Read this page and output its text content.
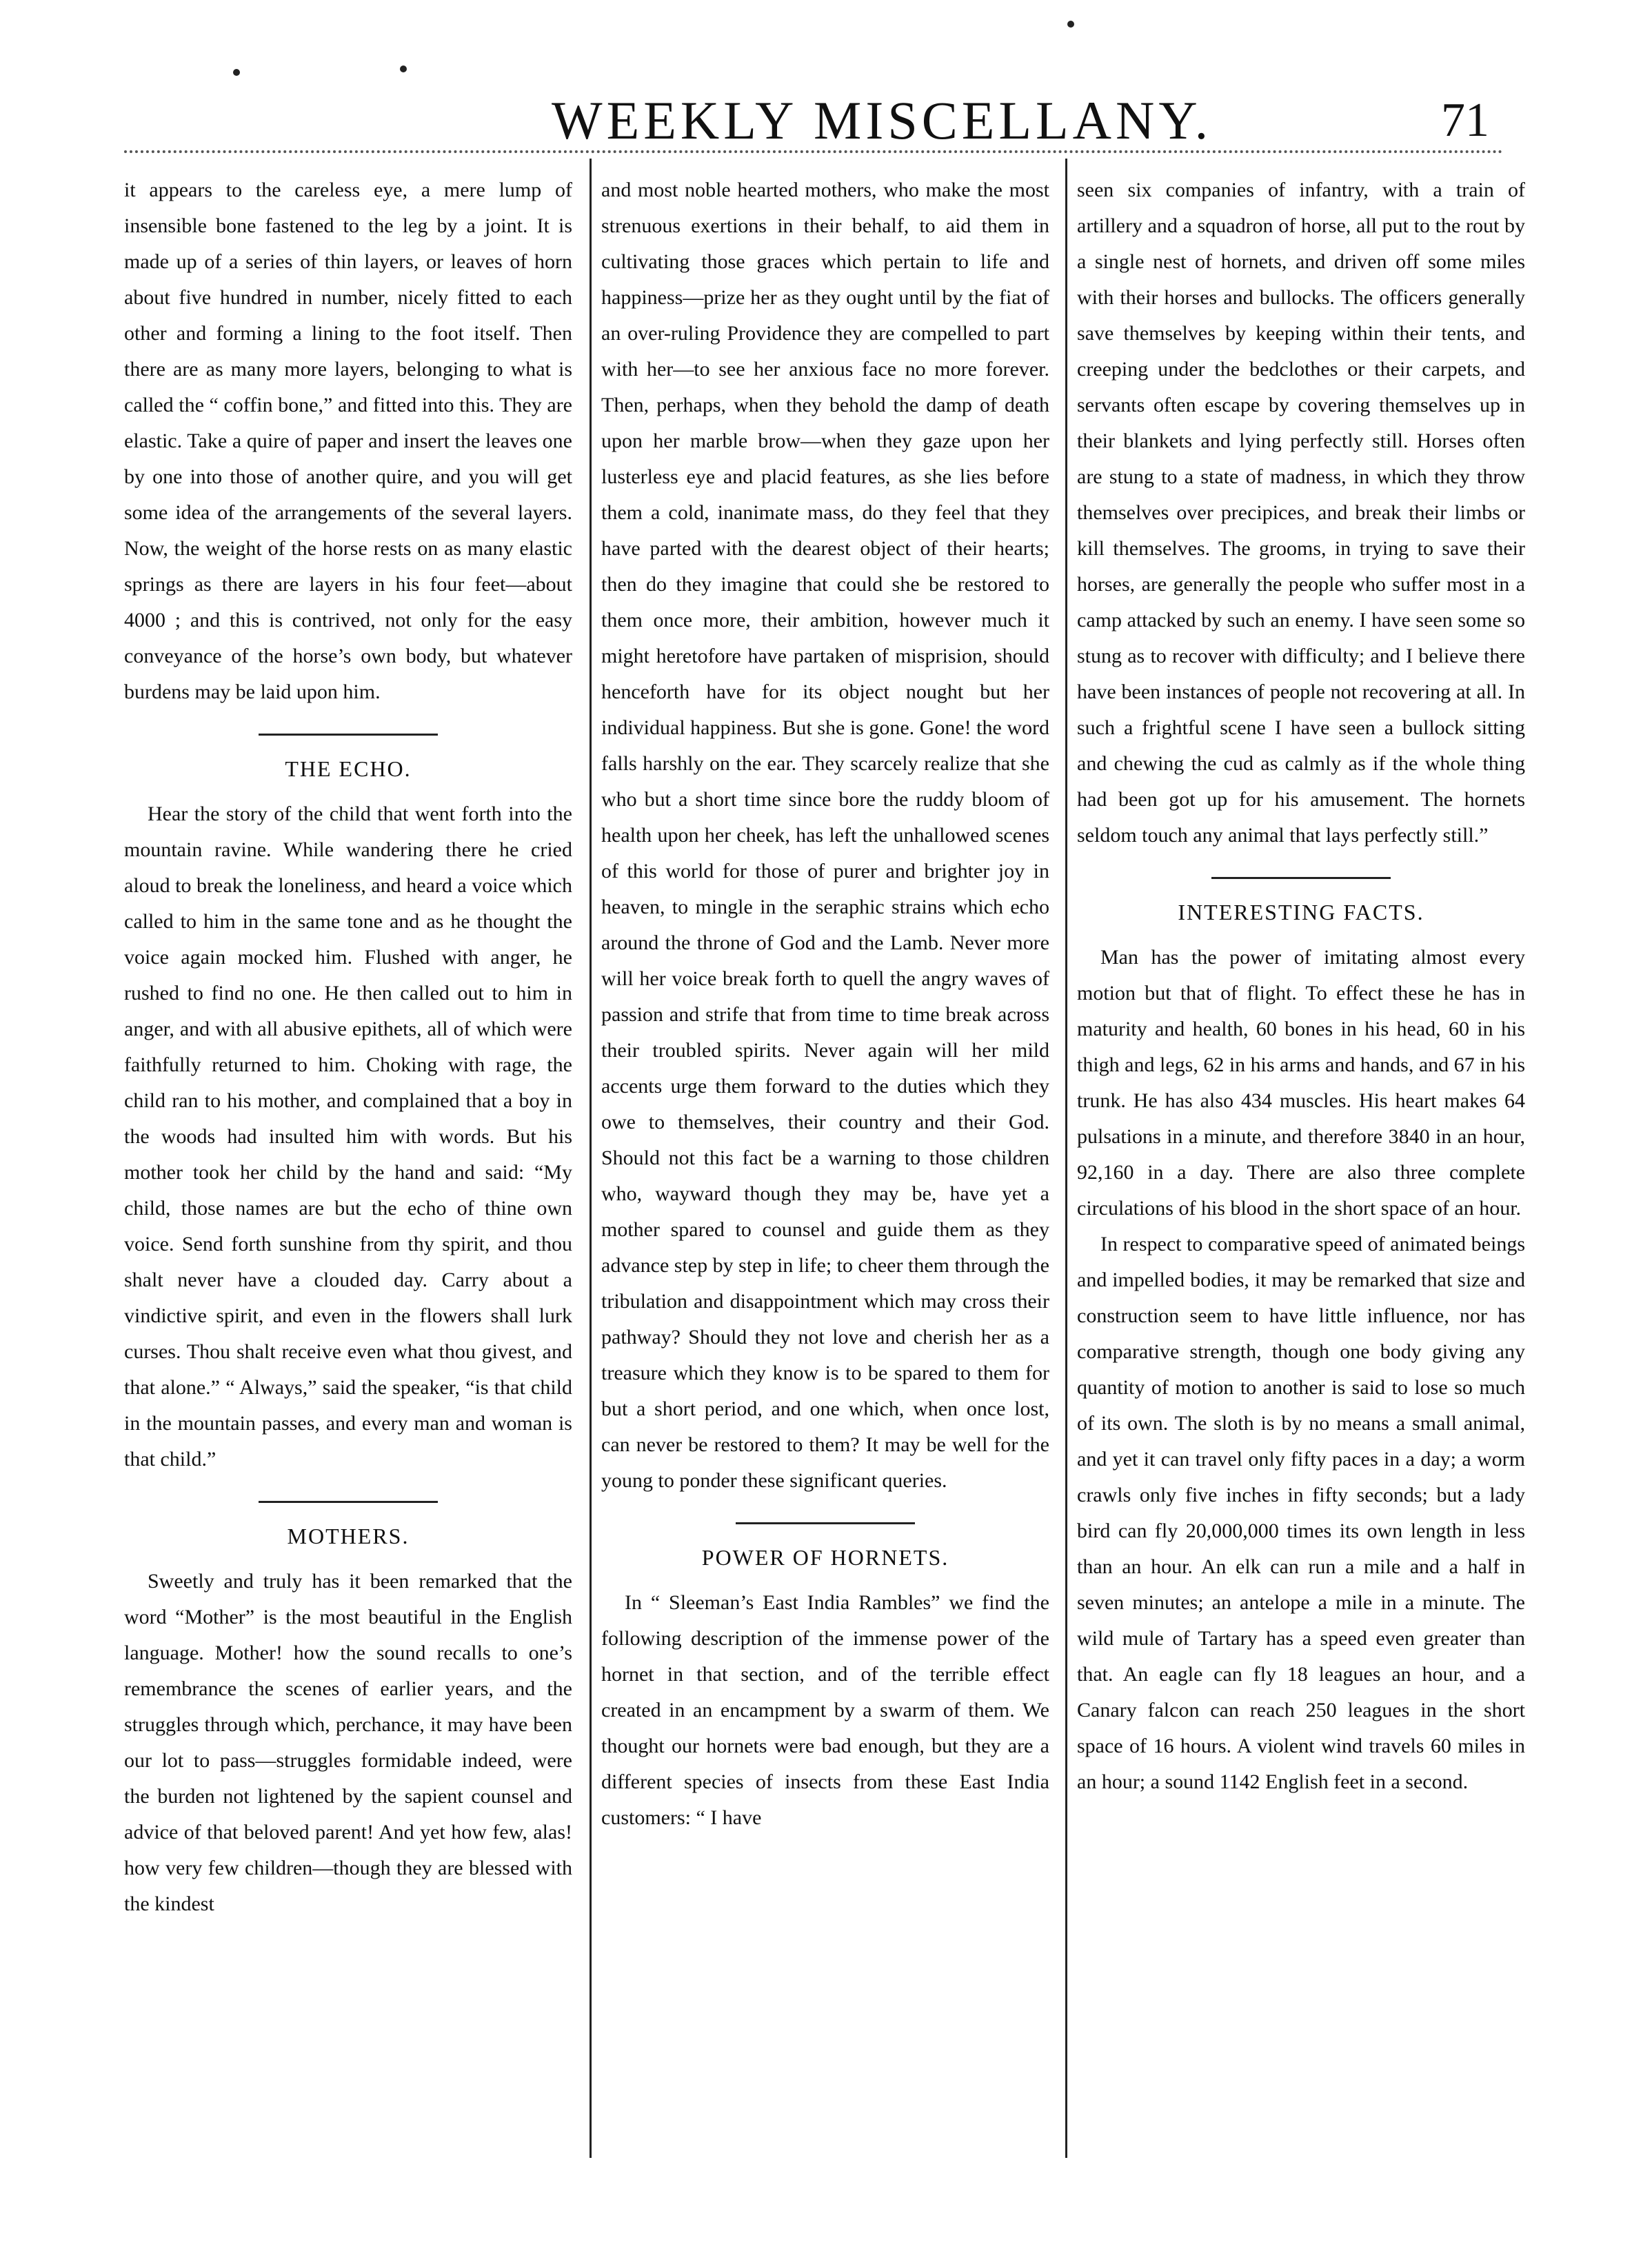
WEEKLY MISCELLANY.	71

it appears to the careless eye, a mere lump of insensible bone fastened to the leg by a joint. It is made up of a series of thin layers, or leaves of horn about five hundred in number, nicely fitted to each other and forming a lining to the foot itself. Then there are as many more layers, belonging to what is called the “ coffin bone,” and fitted into this. They are elastic. Take a quire of paper and insert the leaves one by one into those of another quire, and you will get some idea of the arrangements of the several layers. Now, the weight of the horse rests on as many elastic springs as there are layers in his four feet—about 4000 ; and this is contrived, not only for the easy conveyance of the horse’s own body, but whatever burdens may be laid upon him.

THE ECHO.

Hear the story of the child that went forth into the mountain ravine. While wandering there he cried aloud to break the loneliness, and heard a voice which called to him in the same tone and as he thought the voice again mocked him. Flushed with anger, he rushed to find no one. He then called out to him in anger, and with all abusive epithets, all of which were faithfully returned to him. Choking with rage, the child ran to his mother, and complained that a boy in the woods had insulted him with words. But his mother took her child by the hand and said: “My child, those names are but the echo of thine own voice. Send forth sunshine from thy spirit, and thou shalt never have a clouded day. Carry about a vindictive spirit, and even in the flowers shall lurk curses. Thou shalt receive even what thou givest, and that alone.” “ Always,” said the speaker, “is that child in the mountain passes, and every man and woman is that child.”

MOTHERS.

Sweetly and truly has it been remarked that the word “Mother” is the most beautiful in the English language. Mother! how the sound recalls to one’s remembrance the scenes of earlier years, and the struggles through which, perchance, it may have been our lot to pass—struggles formidable indeed, were the burden not lightened by the sapient counsel and advice of that beloved parent! And yet how few, alas! how very few children—though they are blessed with the kindest

and most noble hearted mothers, who make the most strenuous exertions in their behalf, to aid them in cultivating those graces which pertain to life and happiness—prize her as they ought until by the fiat of an over-ruling Providence they are compelled to part with her—to see her anxious face no more forever. Then, perhaps, when they behold the damp of death upon her marble brow—when they gaze upon her lusterless eye and placid features, as she lies before them a cold, inanimate mass, do they feel that they have parted with the dearest object of their hearts; then do they imagine that could she be restored to them once more, their ambition, however much it might heretofore have partaken of misprision, should henceforth have for its object nought but her individual happiness. But she is gone. Gone! the word falls harshly on the ear. They scarcely realize that she who but a short time since bore the ruddy bloom of health upon her cheek, has left the unhallowed scenes of this world for those of purer and brighter joy in heaven, to mingle in the seraphic strains which echo around the throne of God and the Lamb. Never more will her voice break forth to quell the angry waves of passion and strife that from time to time break across their troubled spirits. Never again will her mild accents urge them forward to the duties which they owe to themselves, their country and their God. Should not this fact be a warning to those children who, wayward though they may be, have yet a mother spared to counsel and guide them as they advance step by step in life; to cheer them through the tribulation and disappointment which may cross their pathway? Should they not love and cherish her as a treasure which they know is to be spared to them for but a short period, and one which, when once lost, can never be restored to them? It may be well for the young to ponder these significant queries.

POWER OF HORNETS.

In “ Sleeman’s East India Rambles” we find the following description of the immense power of the hornet in that section, and of the terrible effect created in an encampment by a swarm of them. We thought our hornets were bad enough, but they are a different species of insects from these East India customers: “ I have

seen six companies of infantry, with a train of artillery and a squadron of horse, all put to the rout by a single nest of hornets, and driven off some miles with their horses and bullocks. The officers generally save themselves by keeping within their tents, and creeping under the bedclothes or their carpets, and servants often escape by covering themselves up in their blankets and lying perfectly still. Horses often are stung to a state of madness, in which they throw themselves over precipices, and break their limbs or kill themselves. The grooms, in trying to save their horses, are generally the people who suffer most in a camp attacked by such an enemy. I have seen some so stung as to recover with difficulty; and I believe there have been instances of people not recovering at all. In such a frightful scene I have seen a bullock sitting and chewing the cud as calmly as if the whole thing had been got up for his amusement. The hornets seldom touch any animal that lays perfectly still.”

INTERESTING FACTS.

Man has the power of imitating almost every motion but that of flight. To effect these he has in maturity and health, 60 bones in his head, 60 in his thigh and legs, 62 in his arms and hands, and 67 in his trunk. He has also 434 muscles. His heart makes 64 pulsations in a minute, and therefore 3840 in an hour, 92,160 in a day. There are also three complete circulations of his blood in the short space of an hour.

In respect to comparative speed of animated beings and impelled bodies, it may be remarked that size and construction seem to have little influence, nor has comparative strength, though one body giving any quantity of motion to another is said to lose so much of its own. The sloth is by no means a small animal, and yet it can travel only fifty paces in a day; a worm crawls only five inches in fifty seconds; but a lady bird can fly 20,000,000 times its own length in less than an hour. An elk can run a mile and a half in seven minutes; an antelope a mile in a minute. The wild mule of Tartary has a speed even greater than that. An eagle can fly 18 leagues an hour, and a Canary falcon can reach 250 leagues in the short space of 16 hours. A violent wind travels 60 miles in an hour; a sound 1142 English feet in a second.
